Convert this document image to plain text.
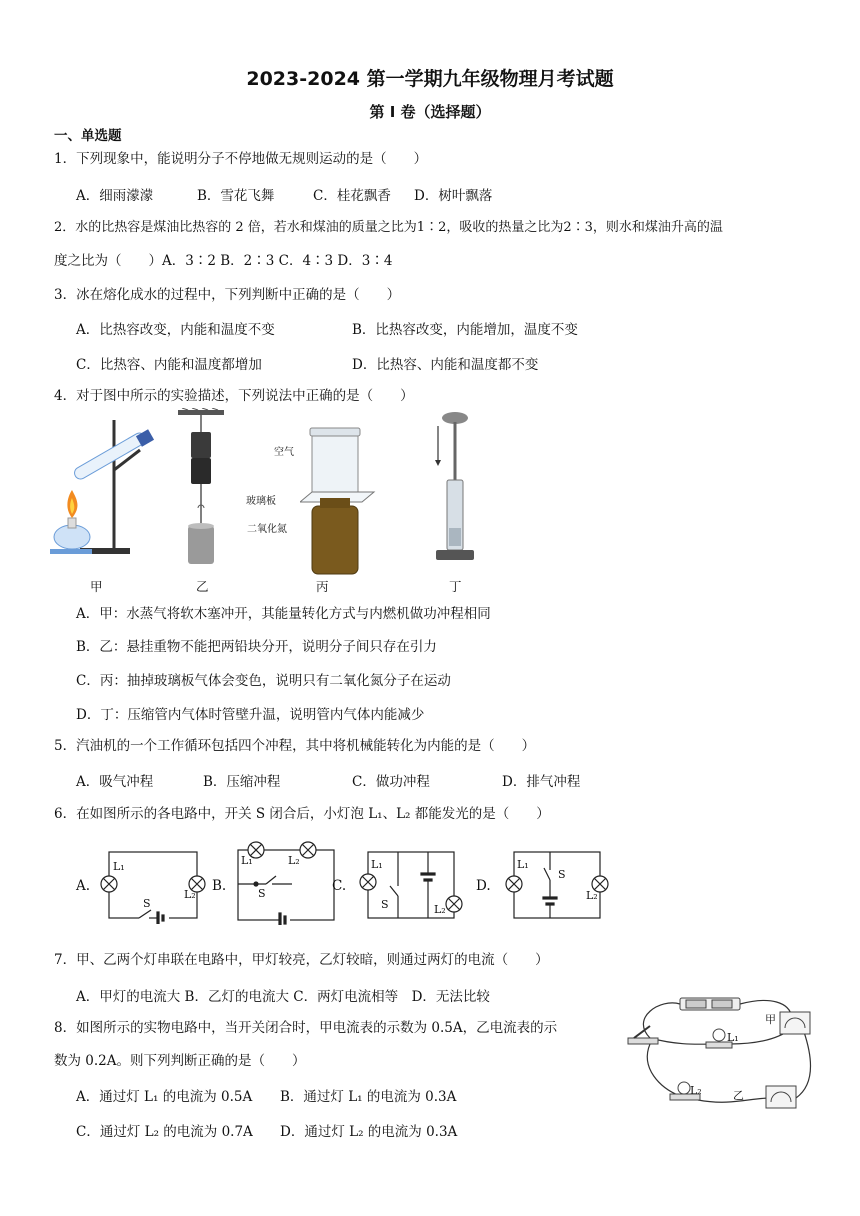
2023-2024 第一学期九年级物理月考试题
第 I 卷（选择题）
一、单选题
1．下列现象中，能说明分子不停地做无规则运动的是（　　）
A．细雨濛濛	B．雪花飞舞	C．桂花飘香 D．树叶飘落
2．水的比热容是煤油比热容的 2 倍，若水和煤油的质量之比为1∶2，吸收的热量之比为2∶3，则水和煤油升高的温
度之比为（　　）A．3∶2 B．2∶3 C．4∶3 D．3∶4
3．冰在熔化成水的过程中，下列判断中正确的是（　　）
A．比热容改变，内能和温度不变	B．比热容改变，内能增加，温度不变
C．比热容、内能和温度都增加	D．比热容、内能和温度都不变
4．对于图中所示的实验描述，下列说法中正确的是（　　）
甲	乙
空气
玻璃板
二氧化氮
丙	丁
A．甲：水蒸气将软木塞冲开，其能量转化方式与内燃机做功冲程相同
B．乙：悬挂重物不能把两铅块分开，说明分子间只存在引力
C．丙：抽掉玻璃板气体会变色，说明只有二氧化氮分子在运动
D．丁：压缩管内气体时管壁升温，说明管内气体内能减少
5．汽油机的一个工作循环包括四个冲程，其中将机械能转化为内能的是（　　）
A．吸气冲程	B．压缩冲程	C．做功冲程	D．排气冲程
6．在如图所示的各电路中，开关 S 闭合后，小灯泡 L₁、L₂ 都能发光的是（　　）
A.
L₁
L₂
S
B.
L₁	L₂
S	C.
L₁
S	L₂
D.
L₁
S
L₂
7．甲、乙两个灯串联在电路中，甲灯较亮，乙灯较暗，则通过两灯的电流（　　）
A．甲灯的电流大 B．乙灯的电流大 C．两灯电流相等　D．无法比较
8．如图所示的实物电路中，当开关闭合时，甲电流表的示数为 0.5A，乙电流表的示
数为 0.2A。则下列判断正确的是（　　）
A．通过灯 L₁ 的电流为 0.5A B．通过灯 L₁ 的电流为 0.3A
C．通过灯 L₂ 的电流为 0.7A D．通过灯 L₂ 的电流为 0.3A
甲
L₁
L₂	乙
